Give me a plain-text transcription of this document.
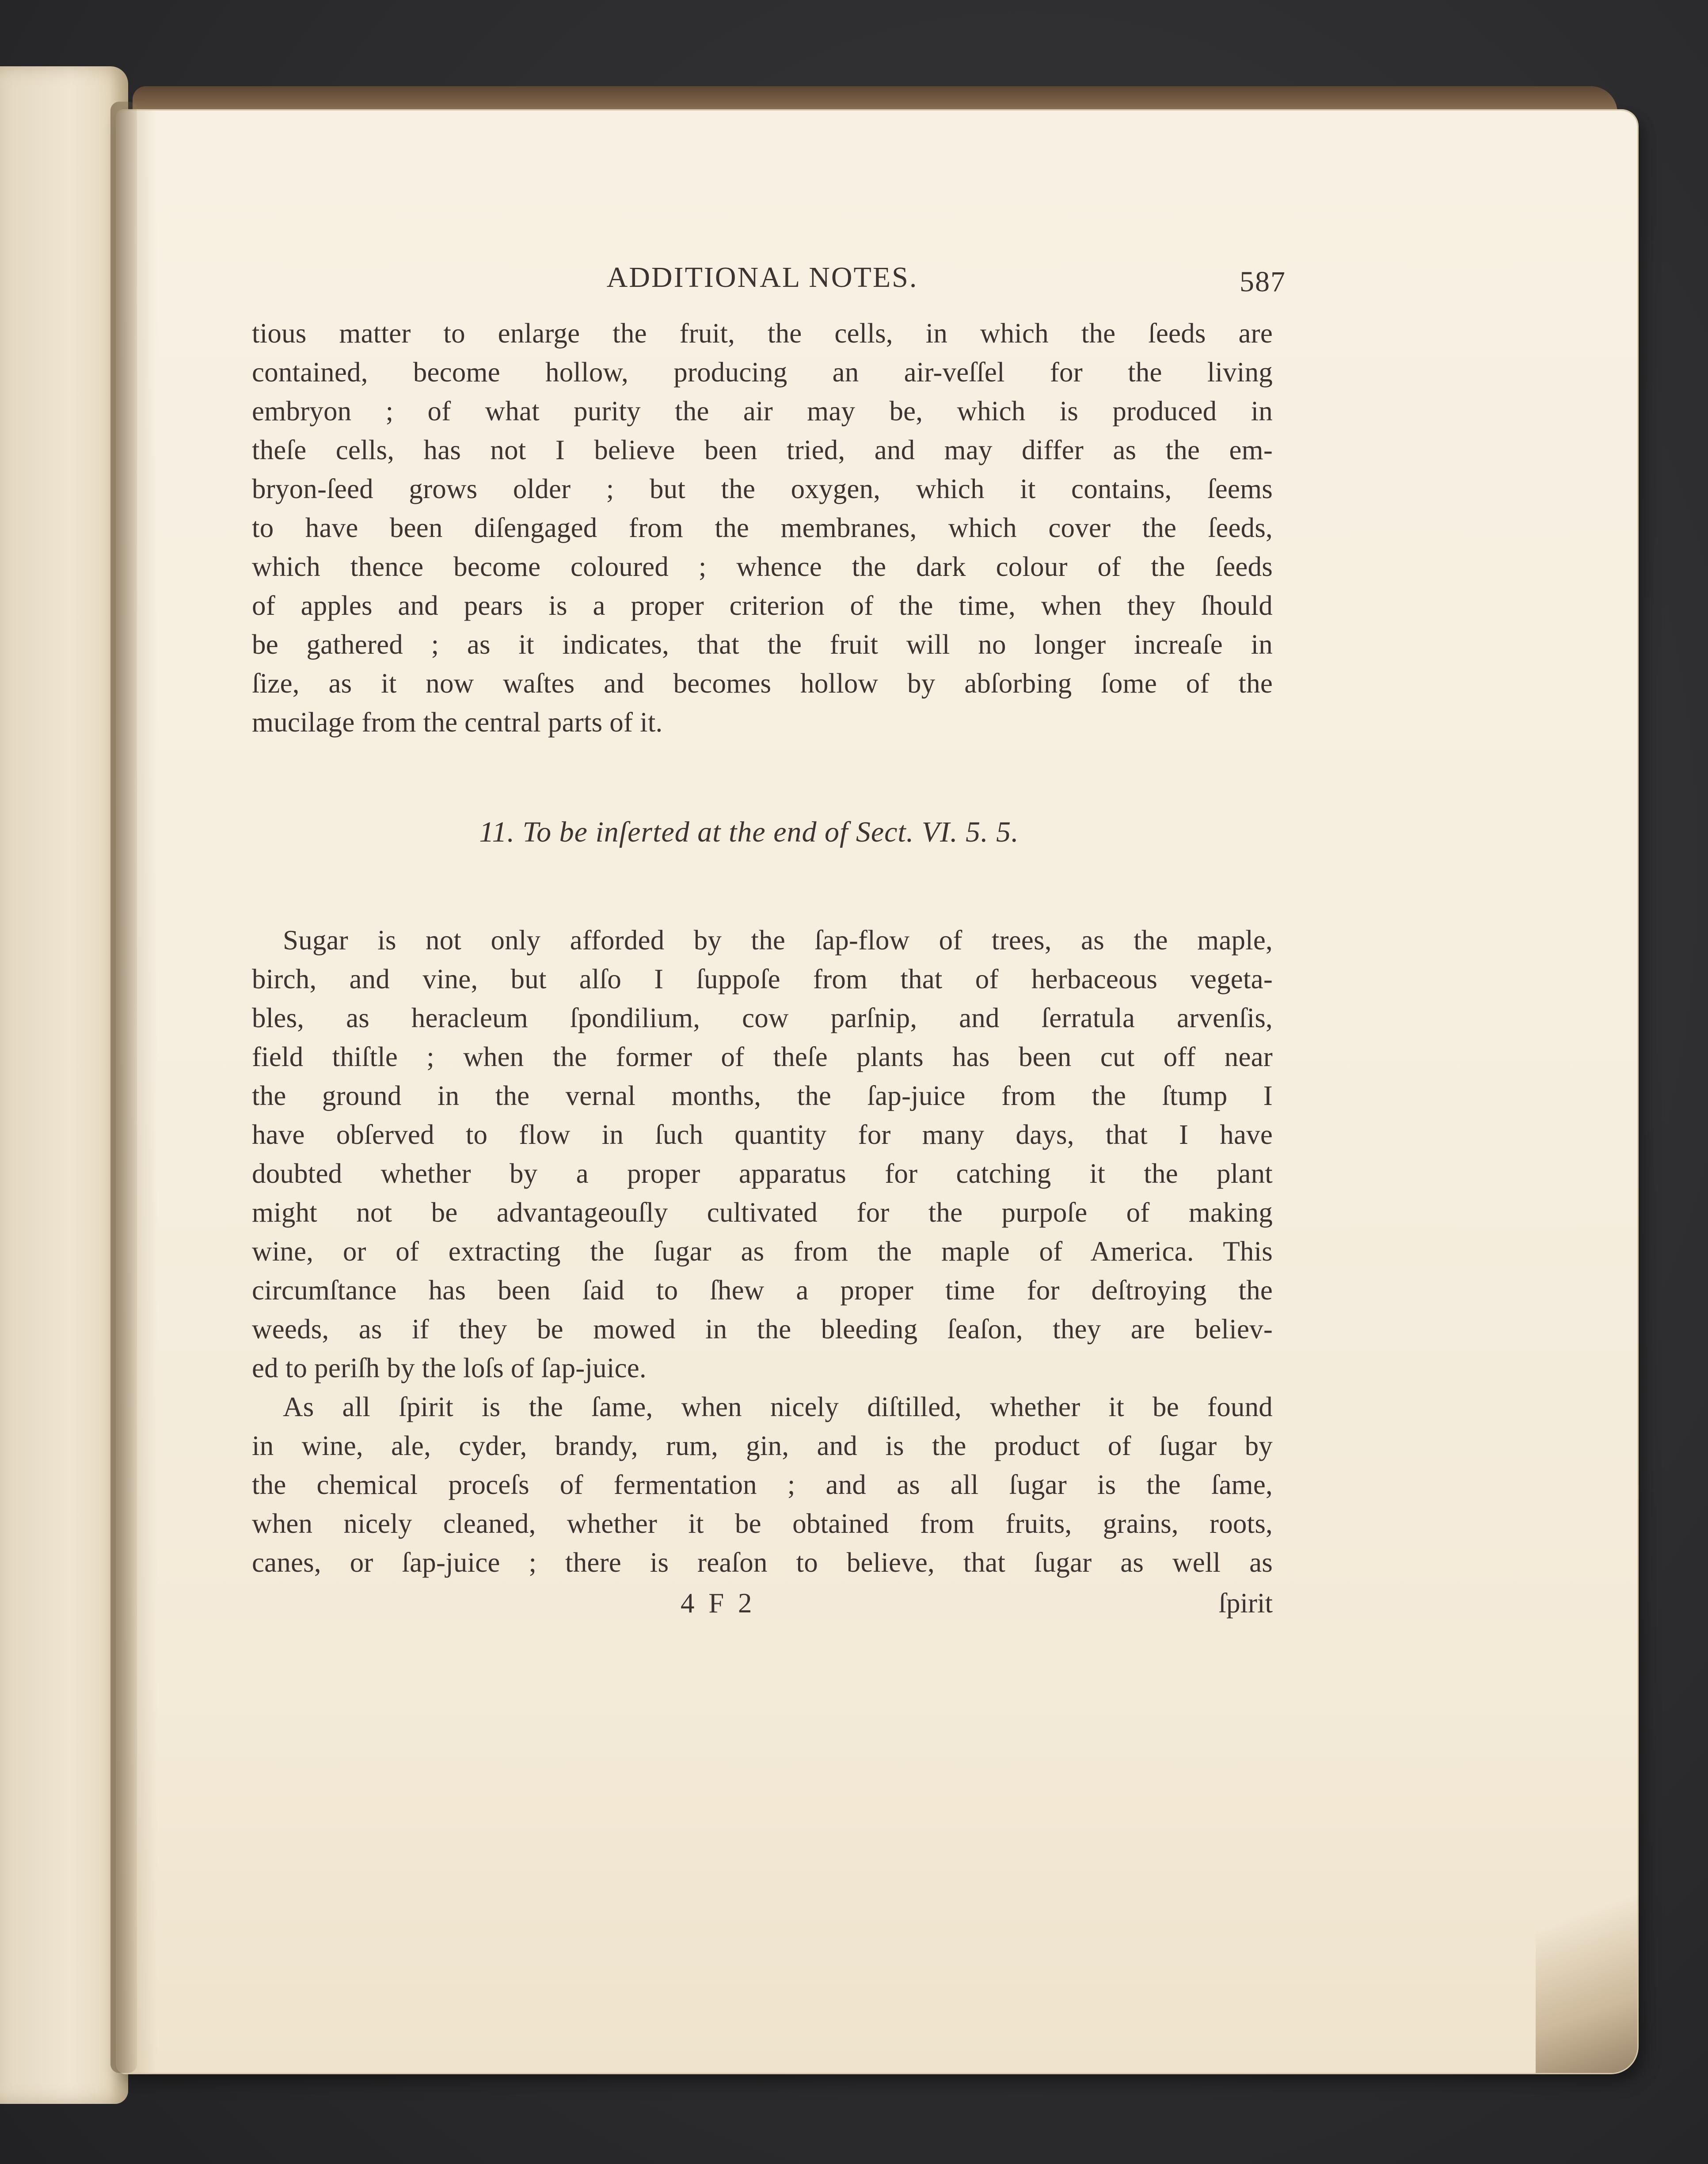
ADDITIONAL NOTES.	587
tious matter to enlarge the fruit, the cells, in which the ſeeds are
contained, become hollow, producing an air-veſſel for the living
embryon ; of what purity the air may be, which is produced in
theſe cells, has not I believe been tried, and may differ as the em-
bryon-ſeed grows older ; but the oxygen, which it contains, ſeems
to have been diſengaged from the membranes, which cover the ſeeds,
which thence become coloured ; whence the dark colour of the ſeeds
of apples and pears is a proper criterion of the time, when they ſhould
be gathered ; as it indicates, that the fruit will no longer increaſe in
ſize, as it now waſtes and becomes hollow by abſorbing ſome of the
mucilage from the central parts of it.
11. To be inſerted at the end of Sect. VI. 5. 5.
Sugar is not only afforded by the ſap-flow of trees, as the maple,
birch, and vine, but alſo I ſuppoſe from that of herbaceous vegeta-
bles, as heracleum ſpondilium, cow parſnip, and ſerratula arvenſis,
field thiſtle ; when the former of theſe plants has been cut off near
the ground in the vernal months, the ſap-juice from the ſtump I
have obſerved to flow in ſuch quantity for many days, that I have
doubted whether by a proper apparatus for catching it the plant
might not be advantageouſly cultivated for the purpoſe of making
wine, or of extracting the ſugar as from the maple of America. This
circumſtance has been ſaid to ſhew a proper time for deſtroying the
weeds, as if they be mowed in the bleeding ſeaſon, they are believ-
ed to periſh by the loſs of ſap-juice.
As all ſpirit is the ſame, when nicely diſtilled, whether it be found
in wine, ale, cyder, brandy, rum, gin, and is the product of ſugar by
the chemical proceſs of fermentation ; and as all ſugar is the ſame,
when nicely cleaned, whether it be obtained from fruits, grains, roots,
canes, or ſap-juice ; there is reaſon to believe, that ſugar as well as
4 F 2	ſpirit
